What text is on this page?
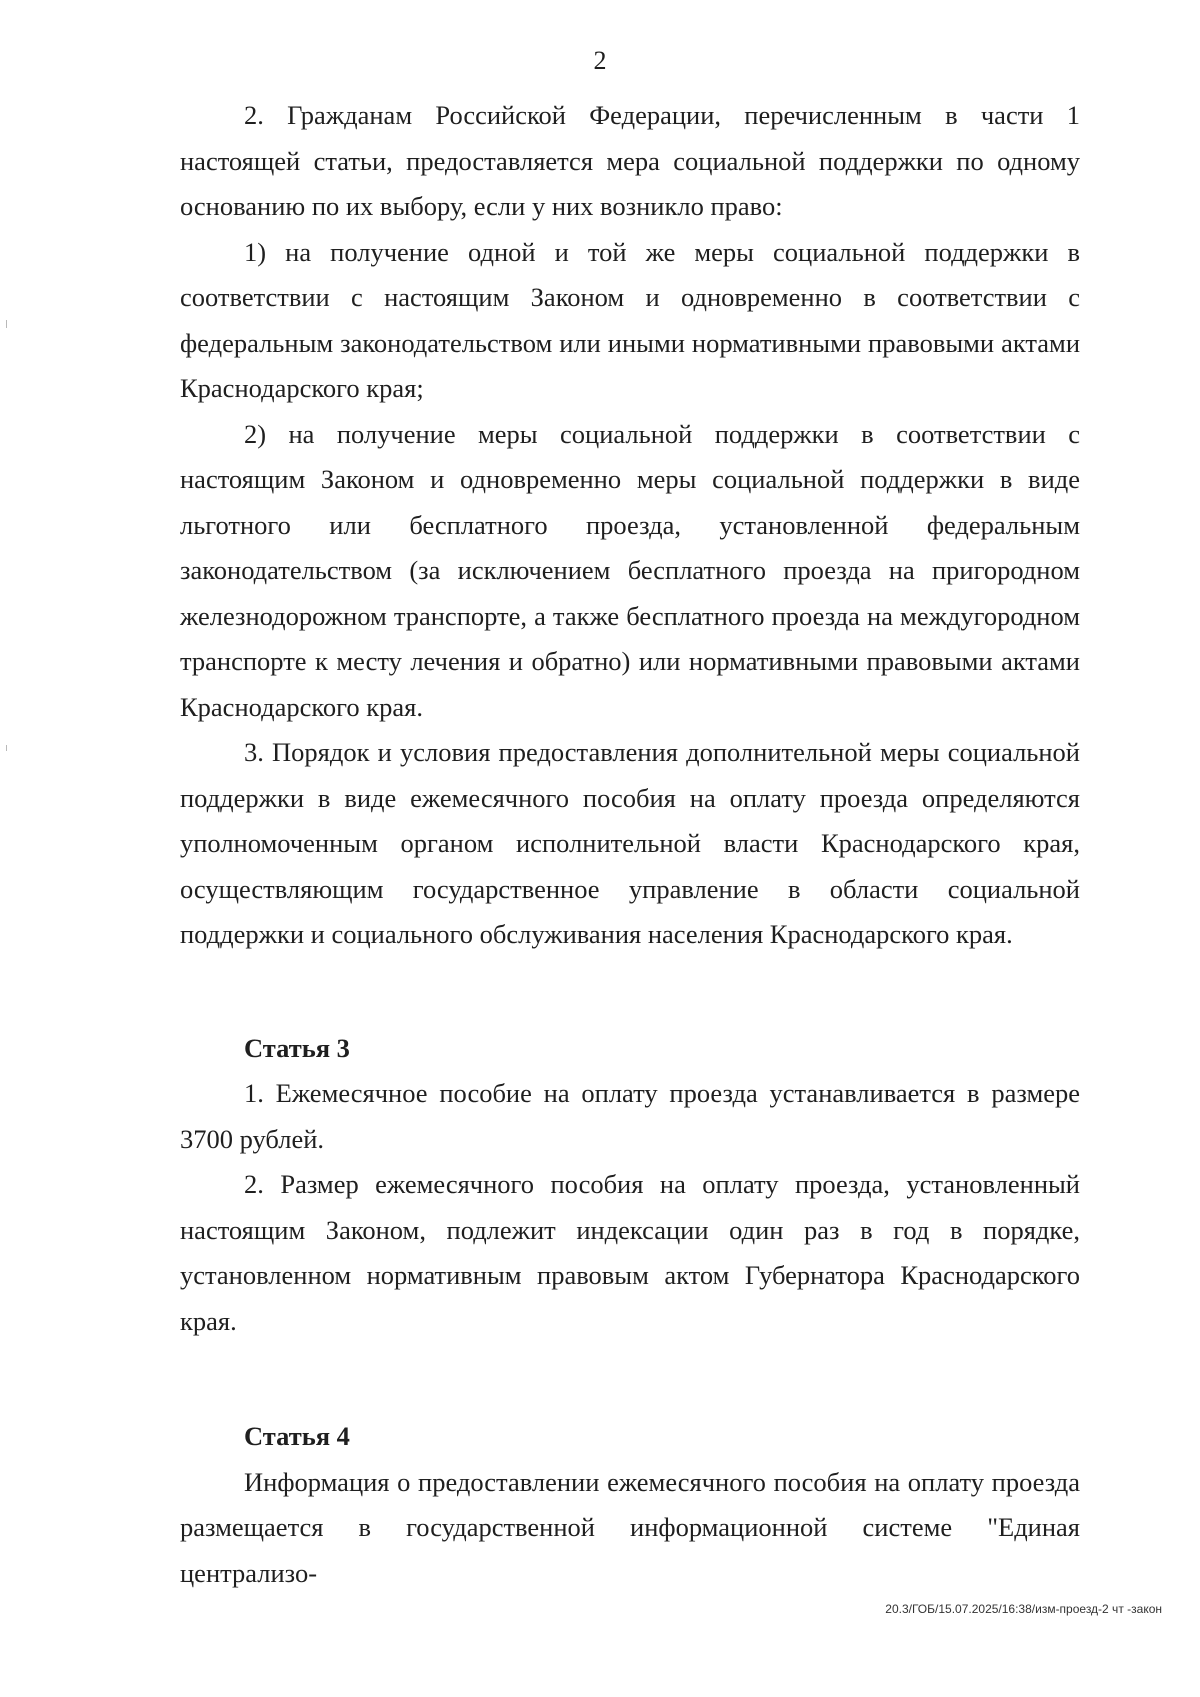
2

2. Гражданам Российской Федерации, перечисленным в части 1 настоящей статьи, предоставляется мера социальной поддержки по одному основанию по их выбору, если у них возникло право:

1) на получение одной и той же меры социальной поддержки в соответствии с настоящим Законом и одновременно в соответствии с федеральным законодательством или иными нормативными правовыми актами Краснодарского края;

2) на получение меры социальной поддержки в соответствии с настоящим Законом и одновременно меры социальной поддержки в виде льготного или бесплатного проезда, установленной федеральным законодательством (за исключением бесплатного проезда на пригородном железнодорожном транспорте, а также бесплатного проезда на междугородном транспорте к месту лечения и обратно) или нормативными правовыми актами Краснодарского края.

3. Порядок и условия предоставления дополнительной меры социальной поддержки в виде ежемесячного пособия на оплату проезда определяются уполномоченным органом исполнительной власти Краснодарского края, осуществляющим государственное управление в области социальной поддержки и социального обслуживания населения Краснодарского края.

Статья 3

1. Ежемесячное пособие на оплату проезда устанавливается в размере 3700 рублей.

2. Размер ежемесячного пособия на оплату проезда, установленный настоящим Законом, подлежит индексации один раз в год в порядке, установленном нормативным правовым актом Губернатора Краснодарского края.

Статья 4

Информация о предоставлении ежемесячного пособия на оплату проезда размещается в государственной информационной системе "Единая централизо-

20.3/ГОБ/15.07.2025/16:38/изм-проезд-2 чт -закон
